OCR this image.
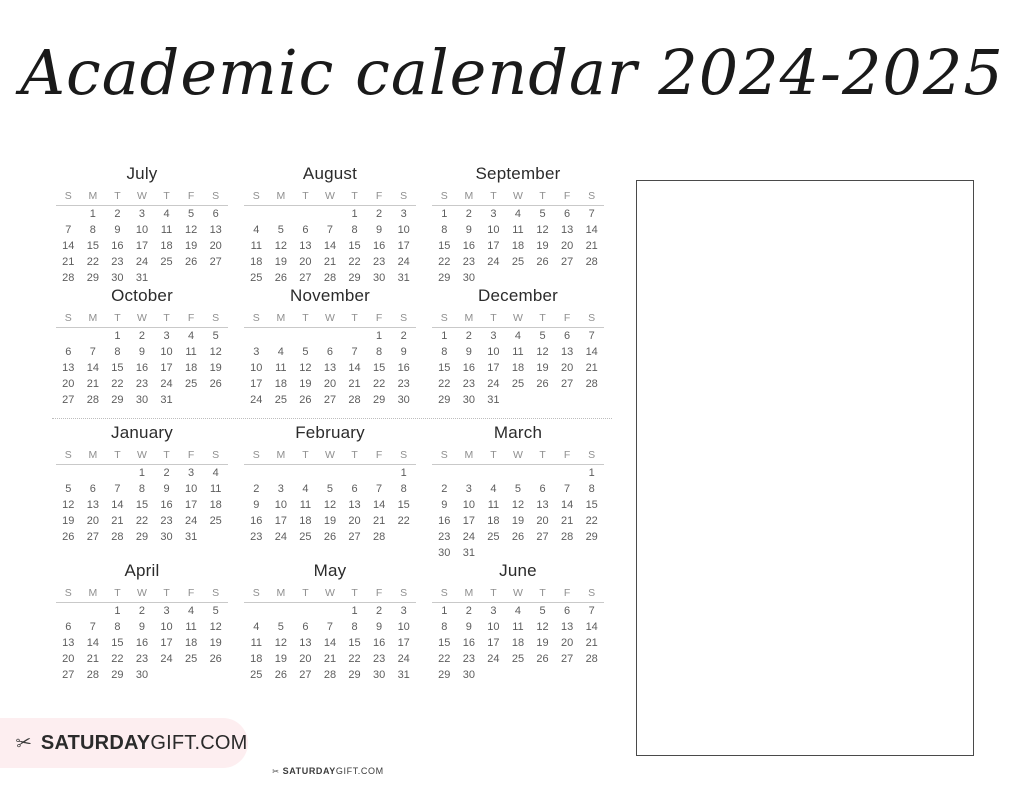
Academic calendar 2024-2025
July
S	M	T	W	T	F	S
	1	2	3	4	5	6
7	8	9	10	11	12	13
14	15	16	17	18	19	20
21	22	23	24	25	26	27
28	29	30	31			
August
S	M	T	W	T	F	S
				1	2	3
4	5	6	7	8	9	10
11	12	13	14	15	16	17
18	19	20	21	22	23	24
25	26	27	28	29	30	31
September
S	M	T	W	T	F	S
1	2	3	4	5	6	7
8	9	10	11	12	13	14
15	16	17	18	19	20	21
22	23	24	25	26	27	28
29	30					
October
S	M	T	W	T	F	S
		1	2	3	4	5
6	7	8	9	10	11	12
13	14	15	16	17	18	19
20	21	22	23	24	25	26
27	28	29	30	31		
November
S	M	T	W	T	F	S
					1	2
3	4	5	6	7	8	9
10	11	12	13	14	15	16
17	18	19	20	21	22	23
24	25	26	27	28	29	30
December
S	M	T	W	T	F	S
1	2	3	4	5	6	7
8	9	10	11	12	13	14
15	16	17	18	19	20	21
22	23	24	25	26	27	28
29	30	31				
January
S	M	T	W	T	F	S
			1	2	3	4
5	6	7	8	9	10	11
12	13	14	15	16	17	18
19	20	21	22	23	24	25
26	27	28	29	30	31	
February
S	M	T	W	T	F	S
						1
2	3	4	5	6	7	8
9	10	11	12	13	14	15
16	17	18	19	20	21	22
23	24	25	26	27	28	
March
S	M	T	W	T	F	S
						1
2	3	4	5	6	7	8
9	10	11	12	13	14	15
16	17	18	19	20	21	22
23	24	25	26	27	28	29
30	31					
April
S	M	T	W	T	F	S
		1	2	3	4	5
6	7	8	9	10	11	12
13	14	15	16	17	18	19
20	21	22	23	24	25	26
27	28	29	30			
May
S	M	T	W	T	F	S
				1	2	3
4	5	6	7	8	9	10
11	12	13	14	15	16	17
18	19	20	21	22	23	24
25	26	27	28	29	30	31
June
S	M	T	W	T	F	S
1	2	3	4	5	6	7
8	9	10	11	12	13	14
15	16	17	18	19	20	21
22	23	24	25	26	27	28
29	30					
✂ SATURDAYGIFT.COM
✂ SATURDAYGIFT.COM
